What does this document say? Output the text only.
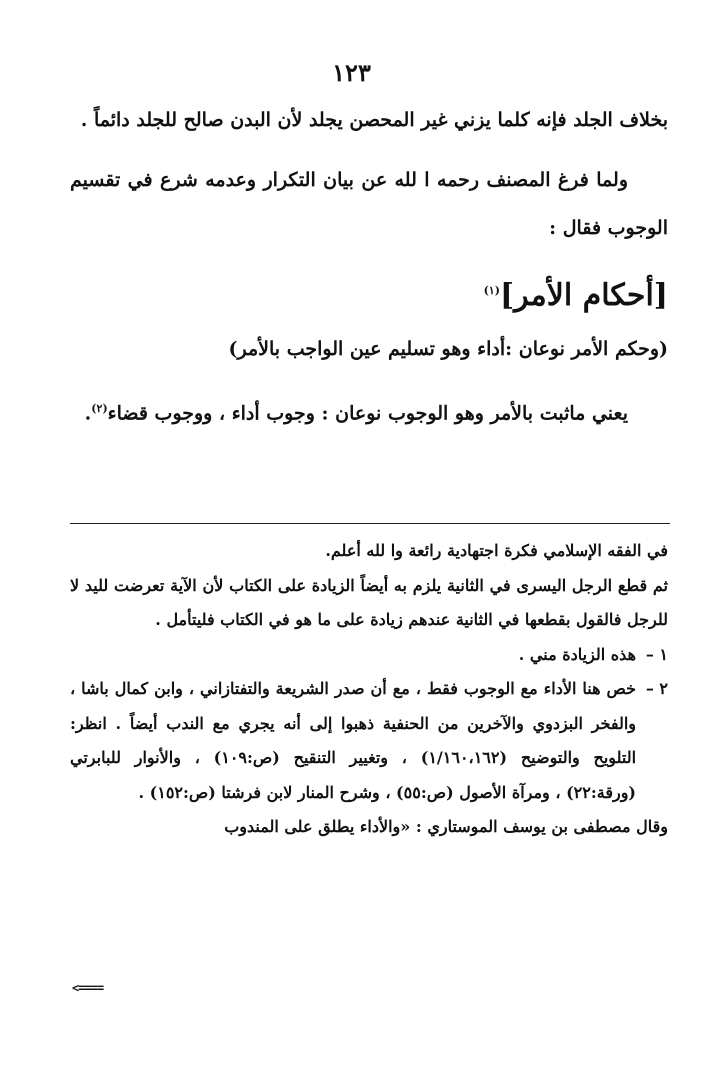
١٢٣

بخلاف الجلد فإنه كلما يزني غير المحصن يجلد لأن البدن صالح للجلد دائماً .

ولما فرغ المصنف رحمه ا لله عن بيان التكرار وعدمه شرع في تقسيم الوجوب فقال :

[أحكام الأمر]$^{(١)}$

(وحكم الأمر نوعان :أداء وهو تسليم عين الواجب بالأمر)

يعني ماثبت بالأمر وهو الوجوب نوعان : وجوب أداء ، ووجوب قضاء$^{(٢)}$.

في الفقه الإسلامي فكرة اجتهادية رائعة وا لله أعلم.

ثم قطع الرجل اليسرى في الثانية يلزم به أيضاً الزيادة على الكتاب لأن الآية تعرضت لليد لا للرجل فالقول بقطعها في الثانية عندهم زيادة على ما هو في الكتاب فليتأمل .

١ –
هذه الزيادة مني .
٢ –
خص هنا الأداء مع الوجوب فقط ، مع أن صدر الشريعة والتفتازاني ، وابن كمال باشا ، والفخر البزدوي والآخرين من الحنفية ذهبوا إلى أنه يجري مع الندب أيضاً . انظر: التلويح والتوضيح (١/١٦٠،١٦٢) ، وتغيير التنقيح (ص:١٠٩) ، والأنوار للبابرتي (ورقة:٢٢) ، ومرآة الأصول (ص:٥٥) ، وشرح المنار لابن فرشتا (ص:١٥٢) .

وقال مصطفى بن يوسف الموستاري : «والأداء يطلق على المندوب

<====
